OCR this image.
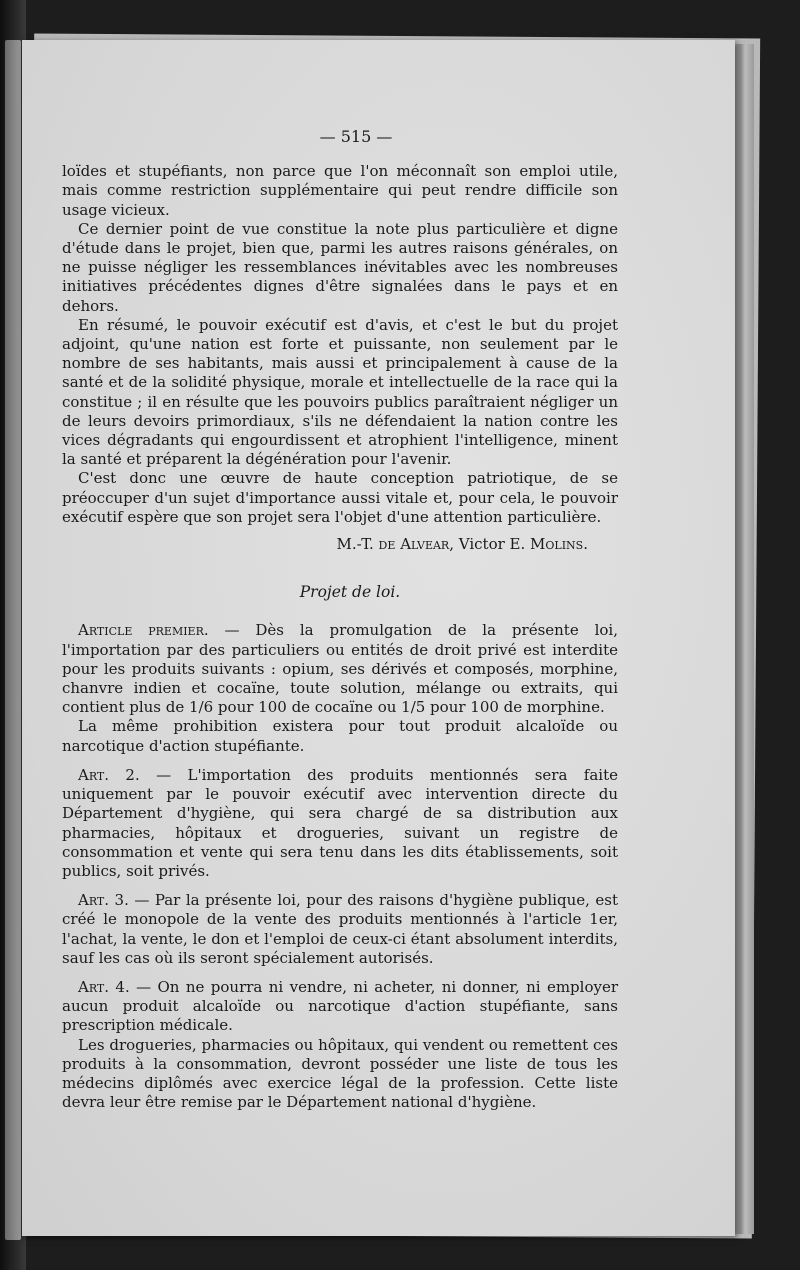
— 515 —

loïdes et stupéfiants, non parce que l'on méconnaît son emploi utile, mais comme restriction supplémentaire qui peut rendre difficile son usage vicieux.

Ce dernier point de vue constitue la note plus particulière et digne d'étude dans le projet, bien que, parmi les autres raisons générales, on ne puisse négliger les ressemblances inévitables avec les nombreuses initiatives précédentes dignes d'être signalées dans le pays et en dehors.

En résumé, le pouvoir exécutif est d'avis, et c'est le but du projet adjoint, qu'une nation est forte et puissante, non seulement par le nombre de ses habitants, mais aussi et principalement à cause de la santé et de la solidité physique, morale et intellectuelle de la race qui la constitue ; il en résulte que les pouvoirs publics paraîtraient négliger un de leurs devoirs primordiaux, s'ils ne défendaient la nation contre les vices dégradants qui engourdissent et atrophient l'intelligence, minent la santé et préparent la dégénération pour l'avenir.

C'est donc une œuvre de haute conception patriotique, de se préoccuper d'un sujet d'importance aussi vitale et, pour cela, le pouvoir exécutif espère que son projet sera l'objet d'une attention particulière.

M.-T. de Alvear, Victor E. Molins.
Projet de loi.

Article premier. — Dès la promulgation de la présente loi, l'importation par des particuliers ou entités de droit privé est interdite pour les produits suivants : opium, ses dérivés et composés, morphine, chanvre indien et cocaïne, toute solution, mélange ou extraits, qui contient plus de 1/6 pour 100 de cocaïne ou 1/5 pour 100 de morphine.

La même prohibition existera pour tout produit alcaloïde ou narcotique d'action stupéfiante.

Art. 2. — L'importation des produits mentionnés sera faite uniquement par le pouvoir exécutif avec intervention directe du Département d'hygiène, qui sera chargé de sa distribution aux pharmacies, hôpitaux et drogueries, suivant un registre de consommation et vente qui sera tenu dans les dits établissements, soit publics, soit privés.

Art. 3. — Par la présente loi, pour des raisons d'hygiène publique, est créé le monopole de la vente des produits mentionnés à l'article 1er, l'achat, la vente, le don et l'emploi de ceux-ci étant absolument interdits, sauf les cas où ils seront spécialement autorisés.

Art. 4. — On ne pourra ni vendre, ni acheter, ni donner, ni employer aucun produit alcaloïde ou narcotique d'action stupéfiante, sans prescription médicale.

Les drogueries, pharmacies ou hôpitaux, qui vendent ou remettent ces produits à la consommation, devront posséder une liste de tous les médecins diplômés avec exercice légal de la profession. Cette liste devra leur être remise par le Département national d'hygiène.
